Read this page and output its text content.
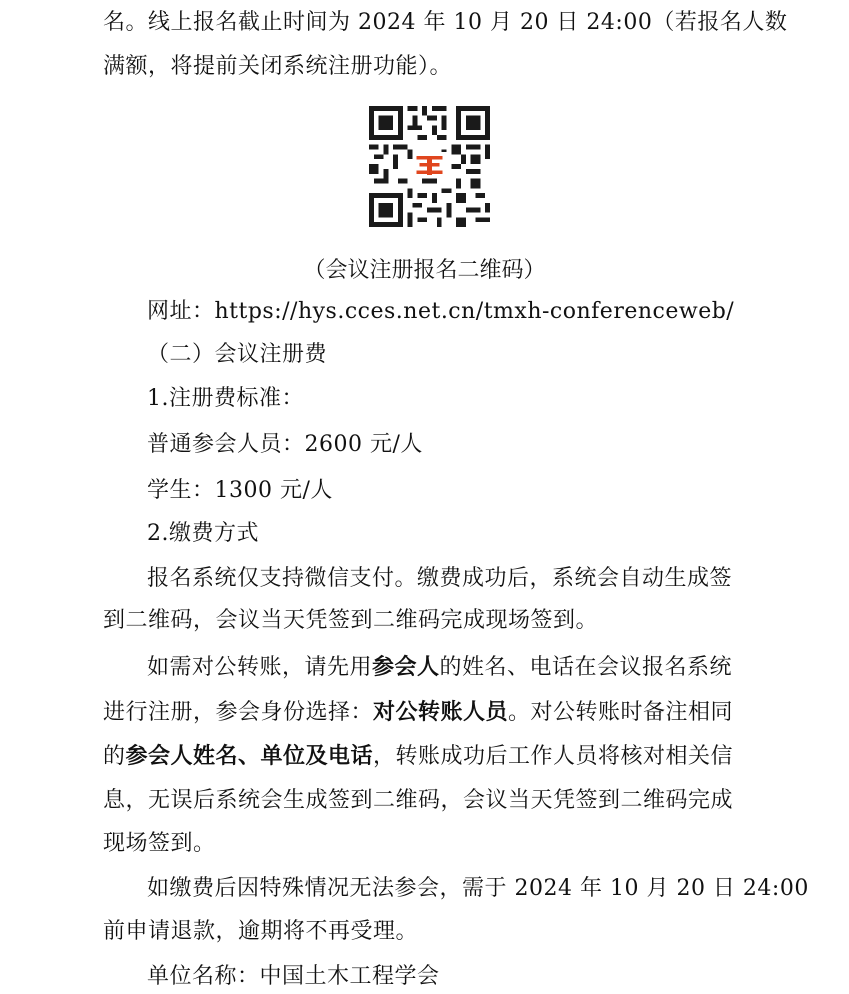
名。线上报名截止时间为 2024 年 10 月 20 日 24:00（若报名人数
满额，将提前关闭系统注册功能）。
（会议注册报名二维码）
网址：https://hys.cces.net.cn/tmxh-conferenceweb/
（二）会议注册费
1.注册费标准：
普通参会人员：2600 元/人
学生：1300 元/人
2.缴费方式
报名系统仅支持微信支付。缴费成功后，系统会自动生成签
到二维码，会议当天凭签到二维码完成现场签到。
如需对公转账，请先用参会人的姓名、电话在会议报名系统
进行注册，参会身份选择：对公转账人员。对公转账时备注相同
的参会人姓名、单位及电话，转账成功后工作人员将核对相关信
息，无误后系统会生成签到二维码，会议当天凭签到二维码完成
现场签到。
如缴费后因特殊情况无法参会，需于 2024 年 10 月 20 日 24:00
前申请退款，逾期将不再受理。
单位名称：中国土木工程学会
